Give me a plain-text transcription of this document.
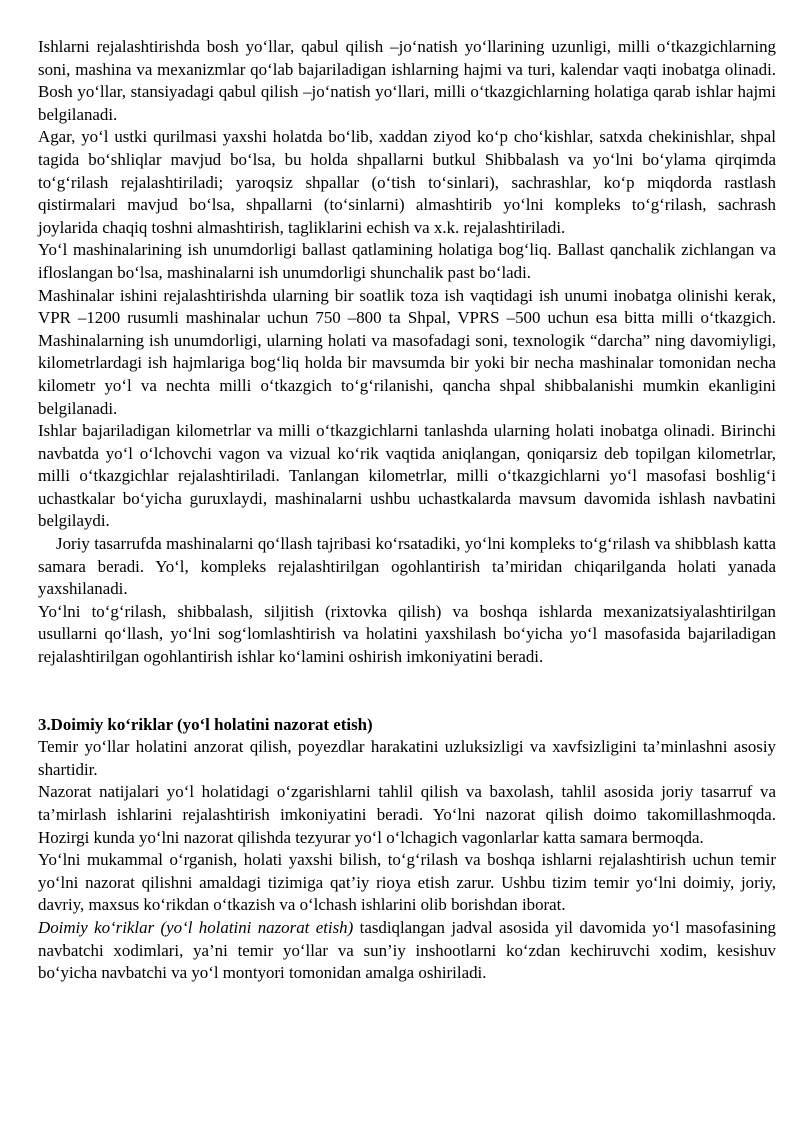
Ishlarni rejalashtirishda bosh yo‘llar, qabul qilish –jo‘natish yo‘llarining uzunligi, milli o‘tkazgichlarning soni, mashina va mexanizmlar qo‘lab bajariladigan ishlarning hajmi va turi, kalendar vaqti inobatga olinadi. Bosh yo‘llar, stansiyadagi qabul qilish –jo‘natish yo‘llari, milli o‘tkazgichlarning holatiga qarab ishlar hajmi belgilanadi.

Agar, yo‘l ustki qurilmasi yaxshi holatda bo‘lib, xaddan ziyod ko‘p cho‘kishlar, satxda chekinishlar, shpal tagida bo‘shliqlar mavjud bo‘lsa, bu holda shpallarni butkul Shibbalash va yo‘lni bo‘ylama qirqimda to‘g‘rilash rejalashtiriladi; yaroqsiz shpallar (o‘tish to‘sinlari), sachrashlar, ko‘p miqdorda rastlash qistirmalari mavjud bo‘lsa, shpallarni (to‘sinlarni) almashtirib yo‘lni kompleks to‘g‘rilash, sachrash joylarida chaqiq toshni almashtirish, tagliklarini echish va x.k. rejalashtiriladi.

Yo‘l mashinalarining ish unumdorligi ballast qatlamining holatiga bog‘liq. Ballast qanchalik zichlangan va ifloslangan bo‘lsa, mashinalarni ish unumdorligi shunchalik past bo‘ladi.

Mashinalar ishini rejalashtirishda ularning bir soatlik toza ish vaqtidagi ish unumi inobatga olinishi kerak, VPR –1200 rusumli mashinalar uchun 750 –800 ta Shpal, VPRS –500 uchun esa bitta milli o‘tkazgich. Mashinalarning ish unumdorligi, ularning holati va masofadagi soni, texnologik “darcha” ning davomiyligi, kilometrlardagi ish hajmlariga bog‘liq holda bir mavsumda bir yoki bir necha mashinalar tomonidan necha kilometr yo‘l va nechta milli o‘tkazgich to‘g‘rilanishi, qancha shpal shibbalanishi mumkin ekanligini belgilanadi.

Ishlar bajariladigan kilometrlar va milli o‘tkazgichlarni tanlashda ularning holati inobatga olinadi. Birinchi navbatda yo‘l o‘lchovchi vagon va vizual ko‘rik vaqtida aniqlangan, qoniqarsiz deb topilgan kilometrlar, milli o‘tkazgichlar rejalashtiriladi. Tanlangan kilometrlar, milli o‘tkazgichlarni yo‘l masofasi boshlig‘i uchastkalar bo‘yicha guruxlaydi, mashinalarni ushbu uchastkalarda mavsum davomida ishlash navbatini belgilaydi.

Joriy tasarrufda mashinalarni qo‘llash tajribasi ko‘rsatadiki, yo‘lni kompleks to‘g‘rilash va shibblash katta samara beradi. Yo‘l, kompleks rejalashtirilgan ogohlantirish ta’miridan chiqarilganda holati yanada yaxshilanadi.

Yo‘lni to‘g‘rilash, shibbalash, siljitish (rixtovka qilish) va boshqa ishlarda mexanizatsiyalashtirilgan usullarni qo‘llash, yo‘lni sog‘lomlashtirish va holatini yaxshilash bo‘yicha yo‘l masofasida bajariladigan rejalashtirilgan ogohlantirish ishlar ko‘lamini oshirish imkoniyatini beradi.

3.Doimiy ko‘riklar (yo‘l holatini nazorat etish)

Temir yo‘llar holatini anzorat qilish, poyezdlar harakatini uzluksizligi va xavfsizligini ta’minlashni asosiy shartidir.

Nazorat natijalari yo‘l holatidagi o‘zgarishlarni tahlil qilish va baxolash, tahlil asosida joriy tasarruf va ta’mirlash ishlarini rejalashtirish imkoniyatini beradi. Yo‘lni nazorat qilish doimo takomillashmoqda. Hozirgi kunda yo‘lni nazorat qilishda tezyurar yo‘l o‘lchagich vagonlarlar katta samara bermoqda.

Yo‘lni mukammal o‘rganish, holati yaxshi bilish, to‘g‘rilash va boshqa ishlarni rejalashtirish uchun temir yo‘lni nazorat qilishni amaldagi tizimiga qat’iy rioya etish zarur. Ushbu tizim temir yo‘lni doimiy, joriy, davriy, maxsus ko‘rikdan o‘tkazish va o‘lchash ishlarini olib borishdan iborat.

Doimiy ko‘riklar (yo‘l holatini nazorat etish) tasdiqlangan jadval asosida yil davomida yo‘l masofasining navbatchi xodimlari, ya’ni temir yo‘llar va sun’iy inshootlarni ko‘zdan kechiruvchi xodim, kesishuv bo‘yicha navbatchi va yo‘l montyori tomonidan amalga oshiriladi.
